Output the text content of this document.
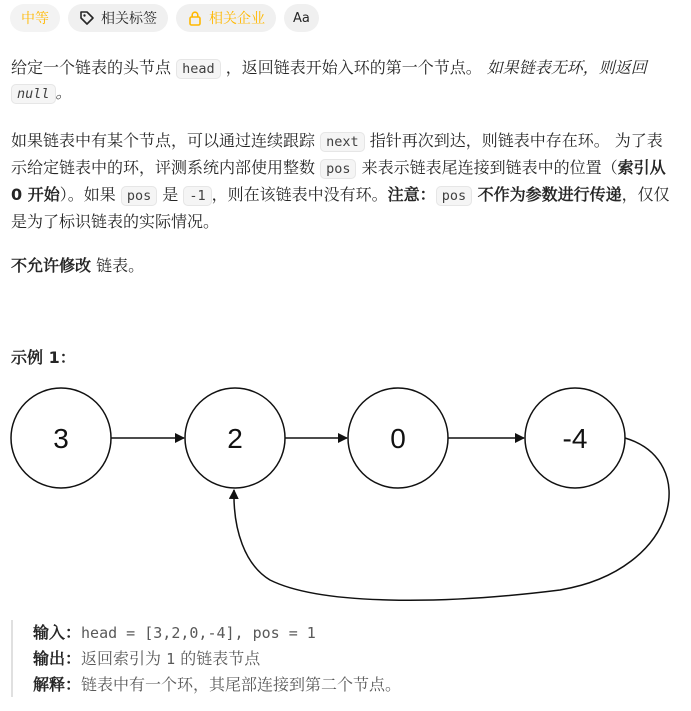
中等	相关标签	相关企业 Aa
给定一个链表的头节点 head ，返回链表开始入环的第一个节点。 如果链表无环，则返回 null 。
如果链表中有某个节点，可以通过连续跟踪 next 指针再次到达，则链表中存在环。 为了表示给定链表中的环，评测系统内部使用整数 pos 来表示链表尾连接到链表中的位置（索引从 0 开始）。如果 pos 是 -1 ，则在该链表中没有环。注意： pos 不作为参数进行传递，仅仅是为了标识链表的实际情况。
不允许修改 链表。
示例 1：
3	2	0	-4
输入：head = [3,2,0,-4], pos = 1
输出：返回索引为 1 的链表节点
解释：链表中有一个环，其尾部连接到第二个节点。
